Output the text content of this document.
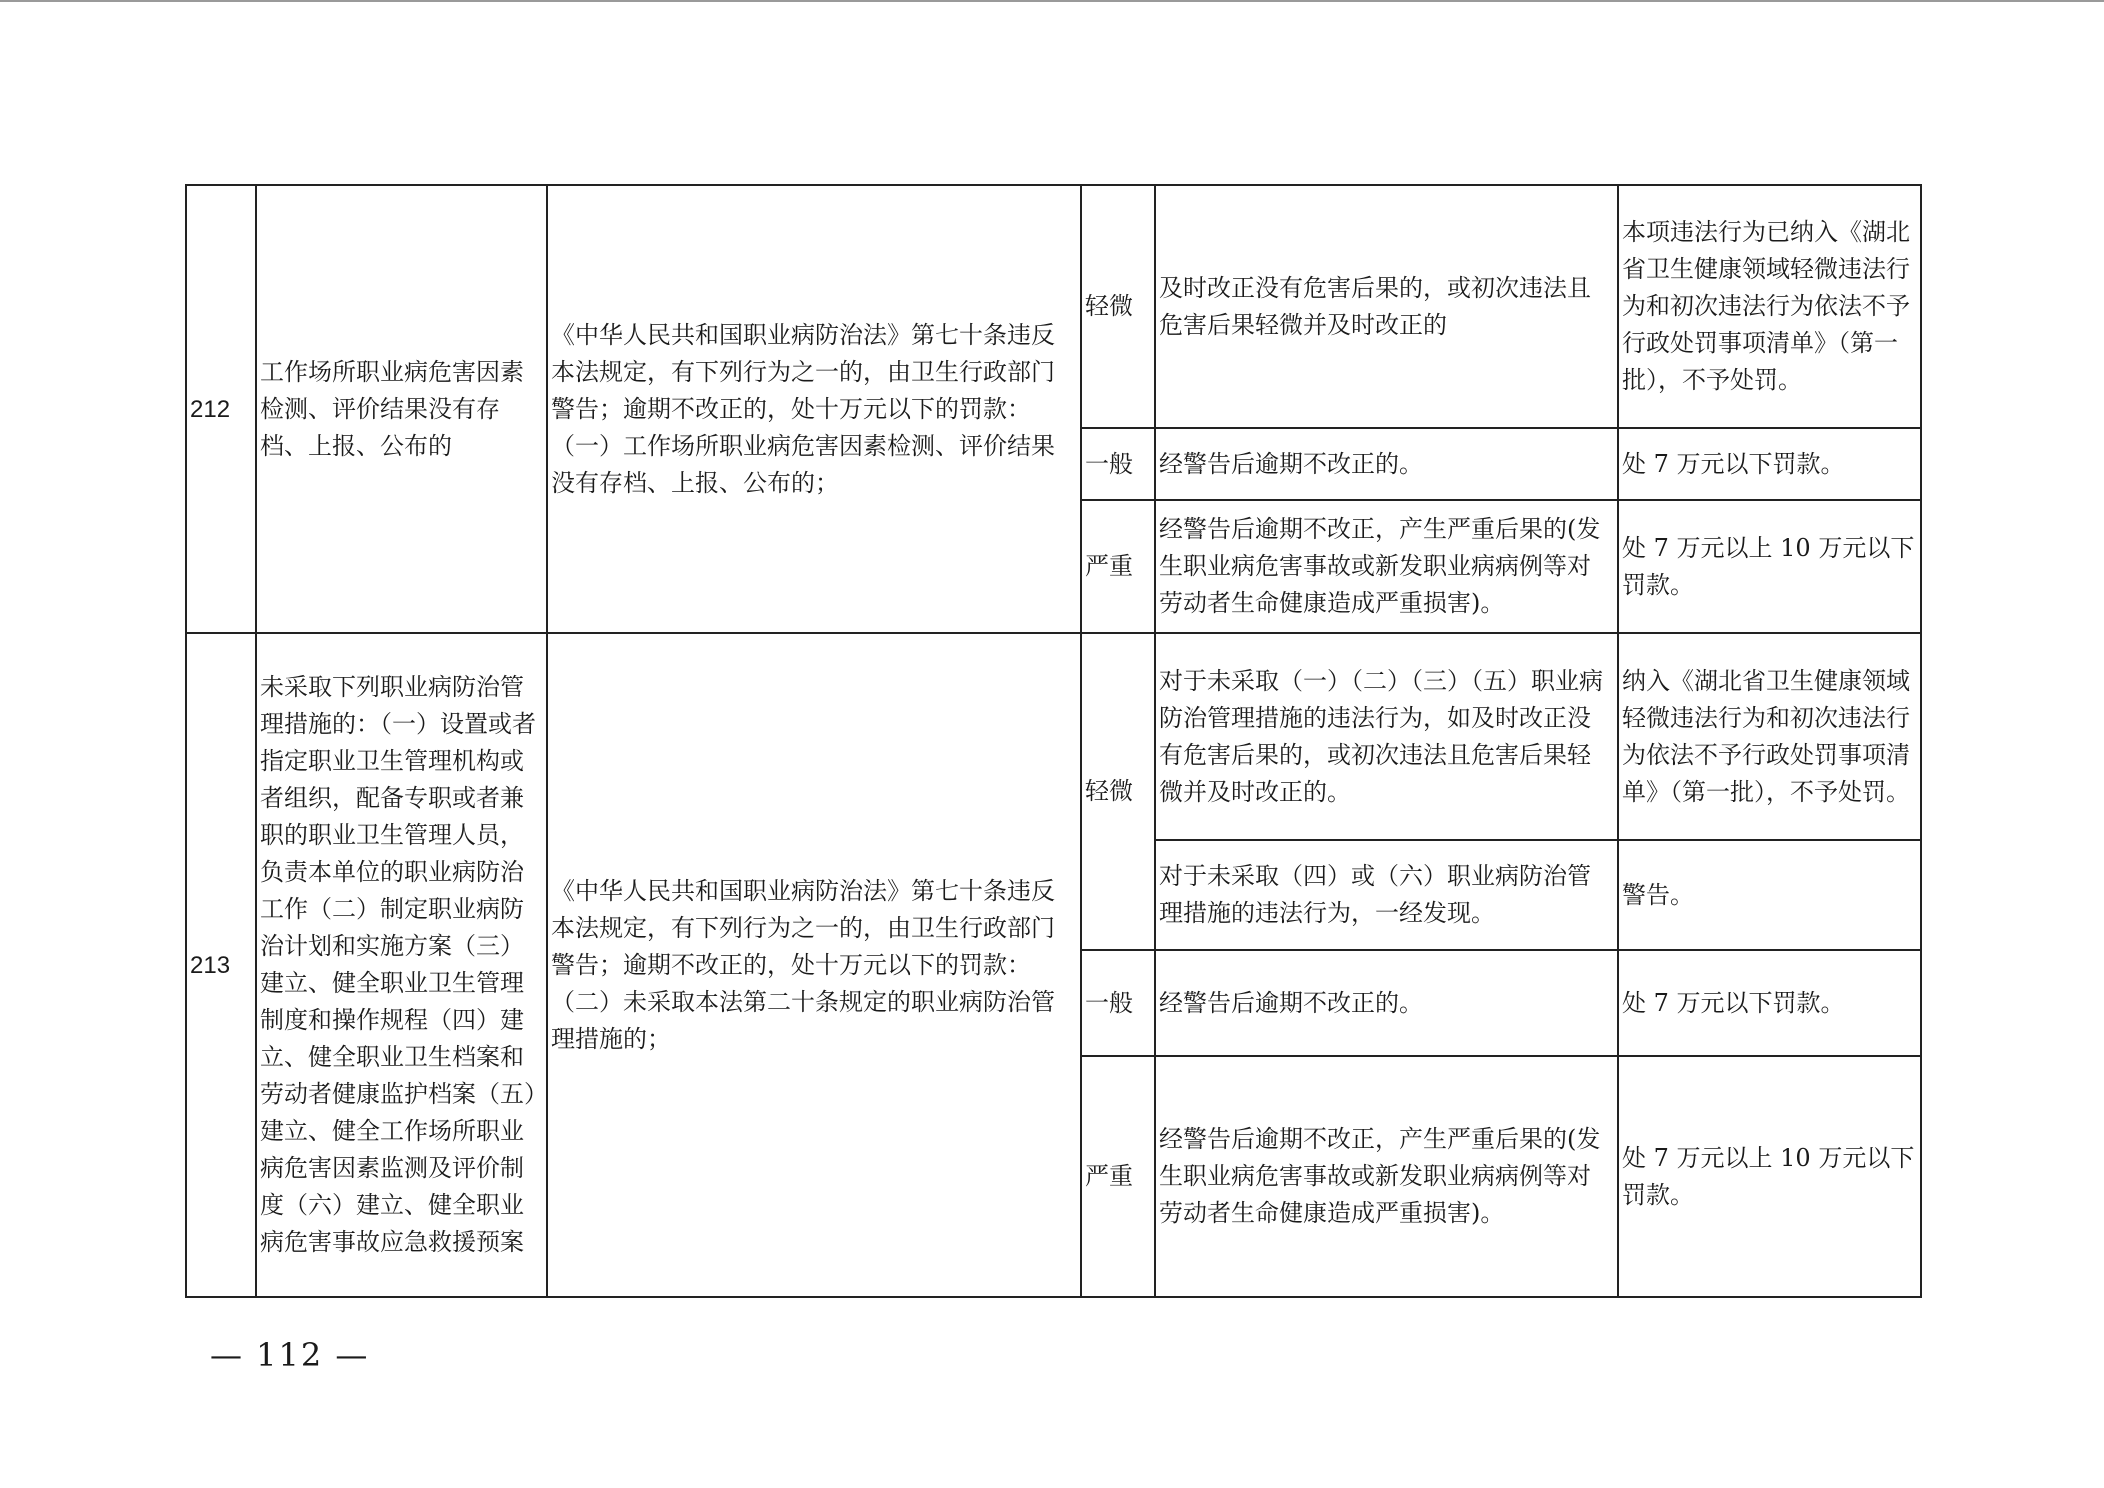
212	工作场所职业病危害因素检测、评价结果没有存档、上报、公布的	《中华人民共和国职业病防治法》第七十条违反本法规定，有下列行为之一的，由卫生行政部门警告；逾期不改正的，处十万元以下的罚款：（一）工作场所职业病危害因素检测、评价结果没有存档、上报、公布的；	轻微	及时改正没有危害后果的，或初次违法且危害后果轻微并及时改正的	本项违法行为已纳入《湖北省卫生健康领域轻微违法行为和初次违法行为依法不予行政处罚事项清单》（第一批），不予处罚。
			一般	经警告后逾期不改正的。	处 7 万元以下罚款。
			严重	经警告后逾期不改正，产生严重后果的(发生职业病危害事故或新发职业病病例等对劳动者生命健康造成严重损害)。	处 7 万元以上 10 万元以下罚款。
213	未采取下列职业病防治管理措施的：（一）设置或者指定职业卫生管理机构或者组织，配备专职或者兼职的职业卫生管理人员，负责本单位的职业病防治工作（二）制定职业病防治计划和实施方案（三）建立、健全职业卫生管理制度和操作规程（四）建立、健全职业卫生档案和劳动者健康监护档案（五）建立、健全工作场所职业病危害因素监测及评价制度（六）建立、健全职业病危害事故应急救援预案	《中华人民共和国职业病防治法》第七十条违反本法规定，有下列行为之一的，由卫生行政部门警告；逾期不改正的，处十万元以下的罚款：（二）未采取本法第二十条规定的职业病防治管理措施的；	轻微	对于未采取（一）（二）（三）（五）职业病防治管理措施的违法行为，如及时改正没有危害后果的，或初次违法且危害后果轻微并及时改正的。	纳入《湖北省卫生健康领域轻微违法行为和初次违法行为依法不予行政处罚事项清单》（第一批），不予处罚。
				对于未采取（四）或（六）职业病防治管理措施的违法行为，一经发现。	警告。
			一般	经警告后逾期不改正的。	处 7 万元以下罚款。
			严重	经警告后逾期不改正，产生严重后果的(发生职业病危害事故或新发职业病病例等对劳动者生命健康造成严重损害)。	处 7 万元以上 10 万元以下罚款。
— 112 —
